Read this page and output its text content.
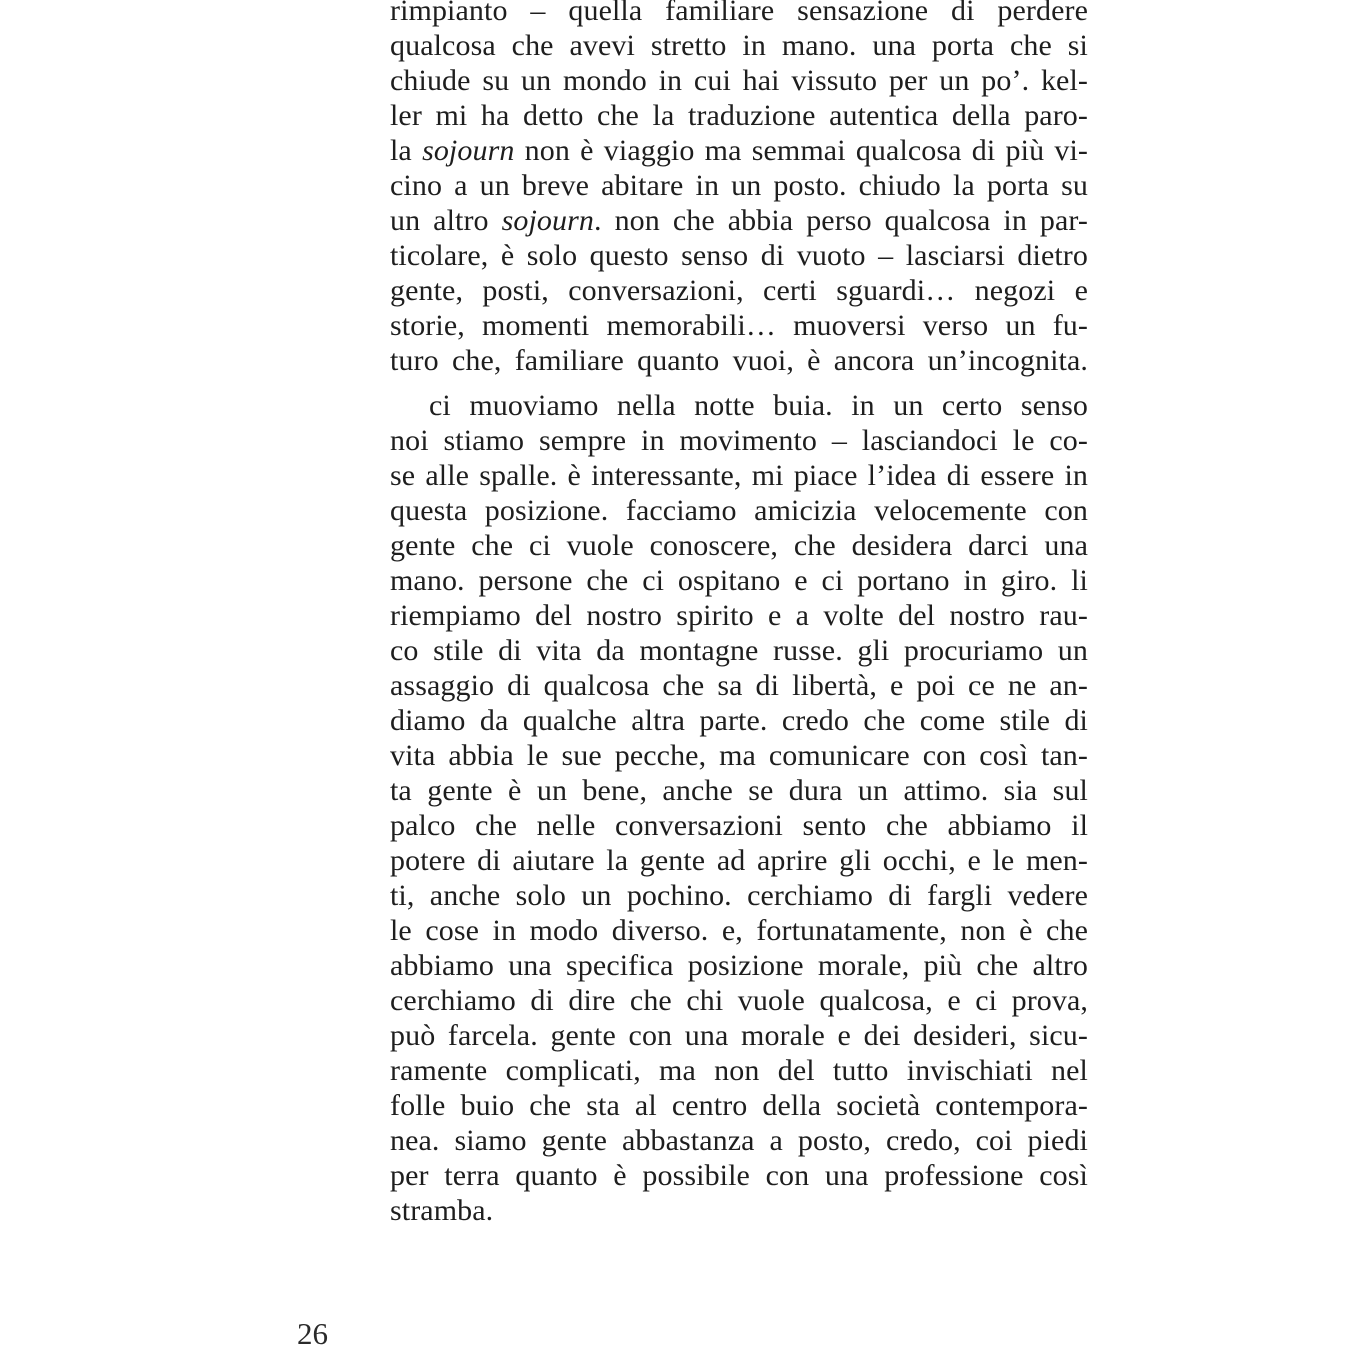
rimpianto – quella familiare sensazione di perdere
qualcosa che avevi stretto in mano. una porta che si
chiude su un mondo in cui hai vissuto per un po’. kel-
ler mi ha detto che la traduzione autentica della paro-
la sojourn non è viaggio ma semmai qualcosa di più vi-
cino a un breve abitare in un posto. chiudo la porta su
un altro sojourn. non che abbia perso qualcosa in par-
ticolare, è solo questo senso di vuoto – lasciarsi dietro
gente, posti, conversazioni, certi sguardi… negozi e
storie, momenti memorabili… muoversi verso un fu-
turo che, familiare quanto vuoi, è ancora un’incognita.
ci muoviamo nella notte buia. in un certo senso
noi stiamo sempre in movimento – lasciandoci le co-
se alle spalle. è interessante, mi piace l’idea di essere in
questa posizione. facciamo amicizia velocemente con
gente che ci vuole conoscere, che desidera darci una
mano. persone che ci ospitano e ci portano in giro. li
riempiamo del nostro spirito e a volte del nostro rau-
co stile di vita da montagne russe. gli procuriamo un
assaggio di qualcosa che sa di libertà, e poi ce ne an-
diamo da qualche altra parte. credo che come stile di
vita abbia le sue pecche, ma comunicare con così tan-
ta gente è un bene, anche se dura un attimo. sia sul
palco che nelle conversazioni sento che abbiamo il
potere di aiutare la gente ad aprire gli occhi, e le men-
ti, anche solo un pochino. cerchiamo di fargli vedere
le cose in modo diverso. e, fortunatamente, non è che
abbiamo una specifica posizione morale, più che altro
cerchiamo di dire che chi vuole qualcosa, e ci prova,
può farcela. gente con una morale e dei desideri, sicu-
ramente complicati, ma non del tutto invischiati nel
folle buio che sta al centro della società contempora-
nea. siamo gente abbastanza a posto, credo, coi piedi
per terra quanto è possibile con una professione così
stramba.
26
